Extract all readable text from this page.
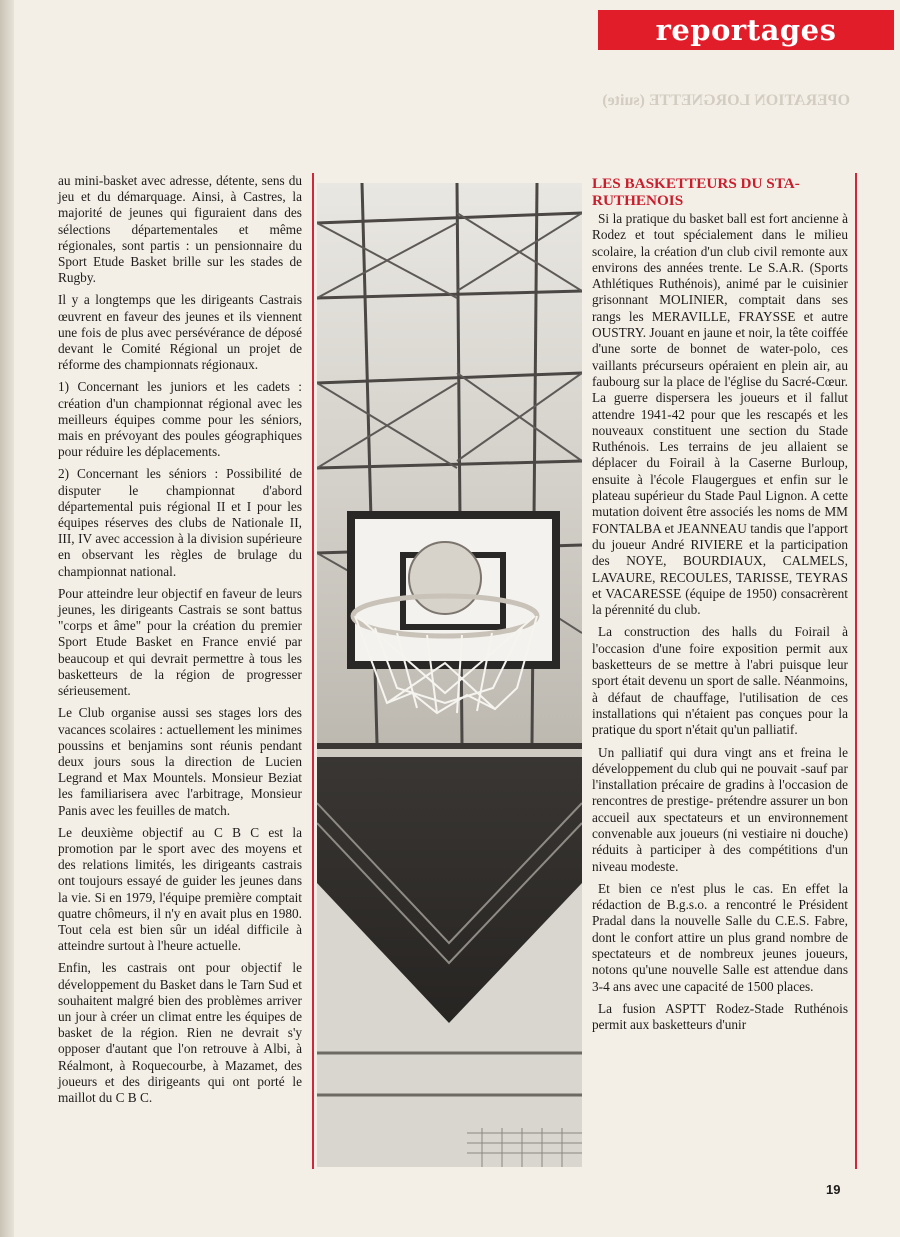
reportages
OPERATION LORGNETTE (suite)

au mini-basket avec adresse, détente, sens du jeu et du démarquage. Ainsi, à Castres, la majorité de jeunes qui figuraient dans des sélections départementales et même régionales, sont partis : un pensionnaire du Sport Etude Basket brille sur les stades de Rugby.

Il y a longtemps que les dirigeants Castrais œuvrent en faveur des jeunes et ils viennent une fois de plus avec persévérance de déposé devant le Comité Régional un projet de réforme des championnats régionaux.

1) Concernant les juniors et les cadets : création d'un championnat régional avec les meilleurs équipes comme pour les séniors, mais en prévoyant des poules géographiques pour réduire les déplacements.

2) Concernant les séniors : Possibilité de disputer le championnat d'abord départemental puis régional II et I pour les équipes réserves des clubs de Nationale II, III, IV avec accession à la division supérieure en observant les règles de brulage du championnat national.

Pour atteindre leur objectif en faveur de leurs jeunes, les dirigeants Castrais se sont battus "corps et âme" pour la création du premier Sport Etude Basket en France envié par beaucoup et qui devrait permettre à tous les basketteurs de la région de progresser sérieusement.

Le Club organise aussi ses stages lors des vacances scolaires : actuellement les minimes poussins et benjamins sont réunis pendant deux jours sous la direction de Lucien Legrand et Max Mountels. Monsieur Beziat les familiarisera avec l'arbitrage, Monsieur Panis avec les feuilles de match.

Le deuxième objectif au C B C est la promotion par le sport avec des moyens et des relations limités, les dirigeants castrais ont toujours essayé de guider les jeunes dans la vie. Si en 1979, l'équipe première comptait quatre chômeurs, il n'y en avait plus en 1980. Tout cela est bien sûr un idéal difficile à atteindre surtout à l'heure actuelle.

Enfin, les castrais ont pour objectif le développement du Basket dans le Tarn Sud et souhaitent malgré bien des problèmes arriver un jour à créer un climat entre les équipes de basket de la région. Rien ne devrait s'y opposer d'autant que l'on retrouve à Albi, à Réalmont, à Roquecourbe, à Mazamet, des joueurs et des dirigeants qui ont porté le maillot du C B C.

LES BASKETTEURS DU STA-RUTHENOIS

Si la pratique du basket ball est fort ancienne à Rodez et tout spécialement dans le milieu scolaire, la création d'un club civil remonte aux environs des années trente. Le S.A.R. (Sports Athlétiques Ruthénois), animé par le cuisinier grisonnant MOLINIER, comptait dans ses rangs les MERAVILLE, FRAYSSE et autre OUSTRY. Jouant en jaune et noir, la tête coiffée d'une sorte de bonnet de water-polo, ces vaillants précurseurs opéraient en plein air, au faubourg sur la place de l'église du Sacré-Cœur. La guerre dispersera les joueurs et il fallut attendre 1941-42 pour que les rescapés et les nouveaux constituent une section du Stade Ruthénois. Les terrains de jeu allaient se déplacer du Foirail à la Caserne Burloup, ensuite à l'école Flaugergues et enfin sur le plateau supérieur du Stade Paul Lignon. A cette mutation doivent être associés les noms de MM FONTALBA et JEANNEAU tandis que l'apport du joueur André RIVIERE et la participation des NOYE, BOURDIAUX, CALMELS, LAVAURE, RECOULES, TARISSE, TEYRAS et VACARESSE (équipe de 1950) consacrèrent la pérennité du club.

La construction des halls du Foirail à l'occasion d'une foire exposition permit aux basketteurs de se mettre à l'abri puisque leur sport était devenu un sport de salle. Néanmoins, à défaut de chauffage, l'utilisation de ces installations qui n'étaient pas conçues pour la pratique du sport n'était qu'un palliatif.

Un palliatif qui dura vingt ans et freina le développement du club qui ne pouvait -sauf par l'installation précaire de gradins à l'occasion de rencontres de prestige- prétendre assurer un bon accueil aux spectateurs et un environnement convenable aux joueurs (ni vestiaire ni douche) réduits à participer à des compétitions d'un niveau modeste.

Et bien ce n'est plus le cas. En effet la rédaction de B.g.s.o. a rencontré le Président Pradal dans la nouvelle Salle du C.E.S. Fabre, dont le confort attire un plus grand nombre de spectateurs et de nombreux jeunes joueurs, notons qu'une nouvelle Salle est attendue dans 3-4 ans avec une capacité de 1500 places.

La fusion ASPTT Rodez-Stade Ruthénois permit aux basketteurs d'unir

19
